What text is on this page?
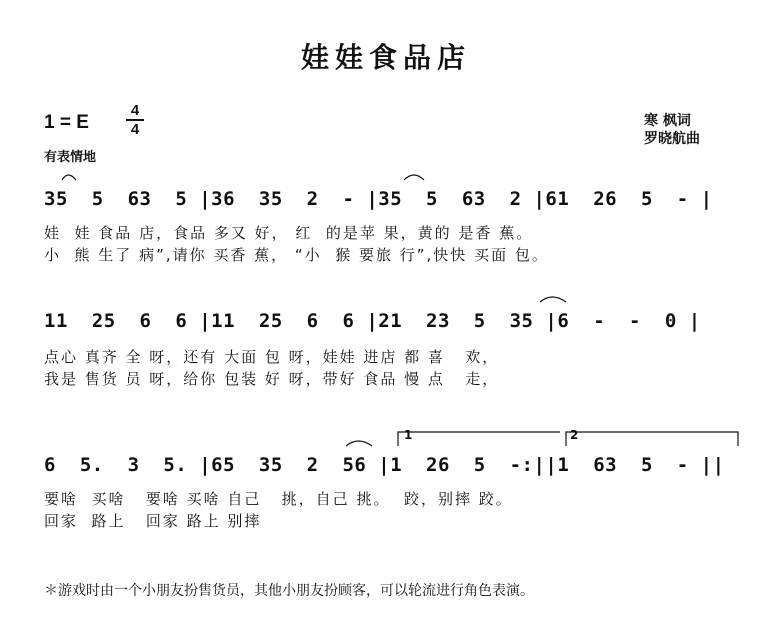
娃娃食品店
1 = E
4
4	寒 枫词
罗晓航曲
有表情地
35  5  63  5 |36  35  2  - |35  5  63  2 |61  26  5  - |
娃  娃 食品 店，食品 多又 好， 红  的是苹 果，黄的 是香 蕉。
小  熊 生了 病”,请你 买香 蕉， “小  猴 要旅 行”,快快 买面 包。
11  25  6  6 |11  25  6  6 |21  23  5  35 |6  -  -  0 |
点心 真齐 全 呀，还有 大面 包 呀，娃娃 进店 都 喜   欢，
我是 售货 员 呀，给你 包装 好 呀，带好 食品 慢 点   走，
1	2
6  5.  3  5. |65  35  2  56 |1  26  5  -:||1  63  5  - ||
要啥  买啥   要啥 买啥 自己   挑，自己 挑。  跤，别摔 跤。
回家  路上   回家 路上 别摔
＊游戏时由一个小朋友扮售货员，其他小朋友扮顾客，可以轮流进行角色表演。
